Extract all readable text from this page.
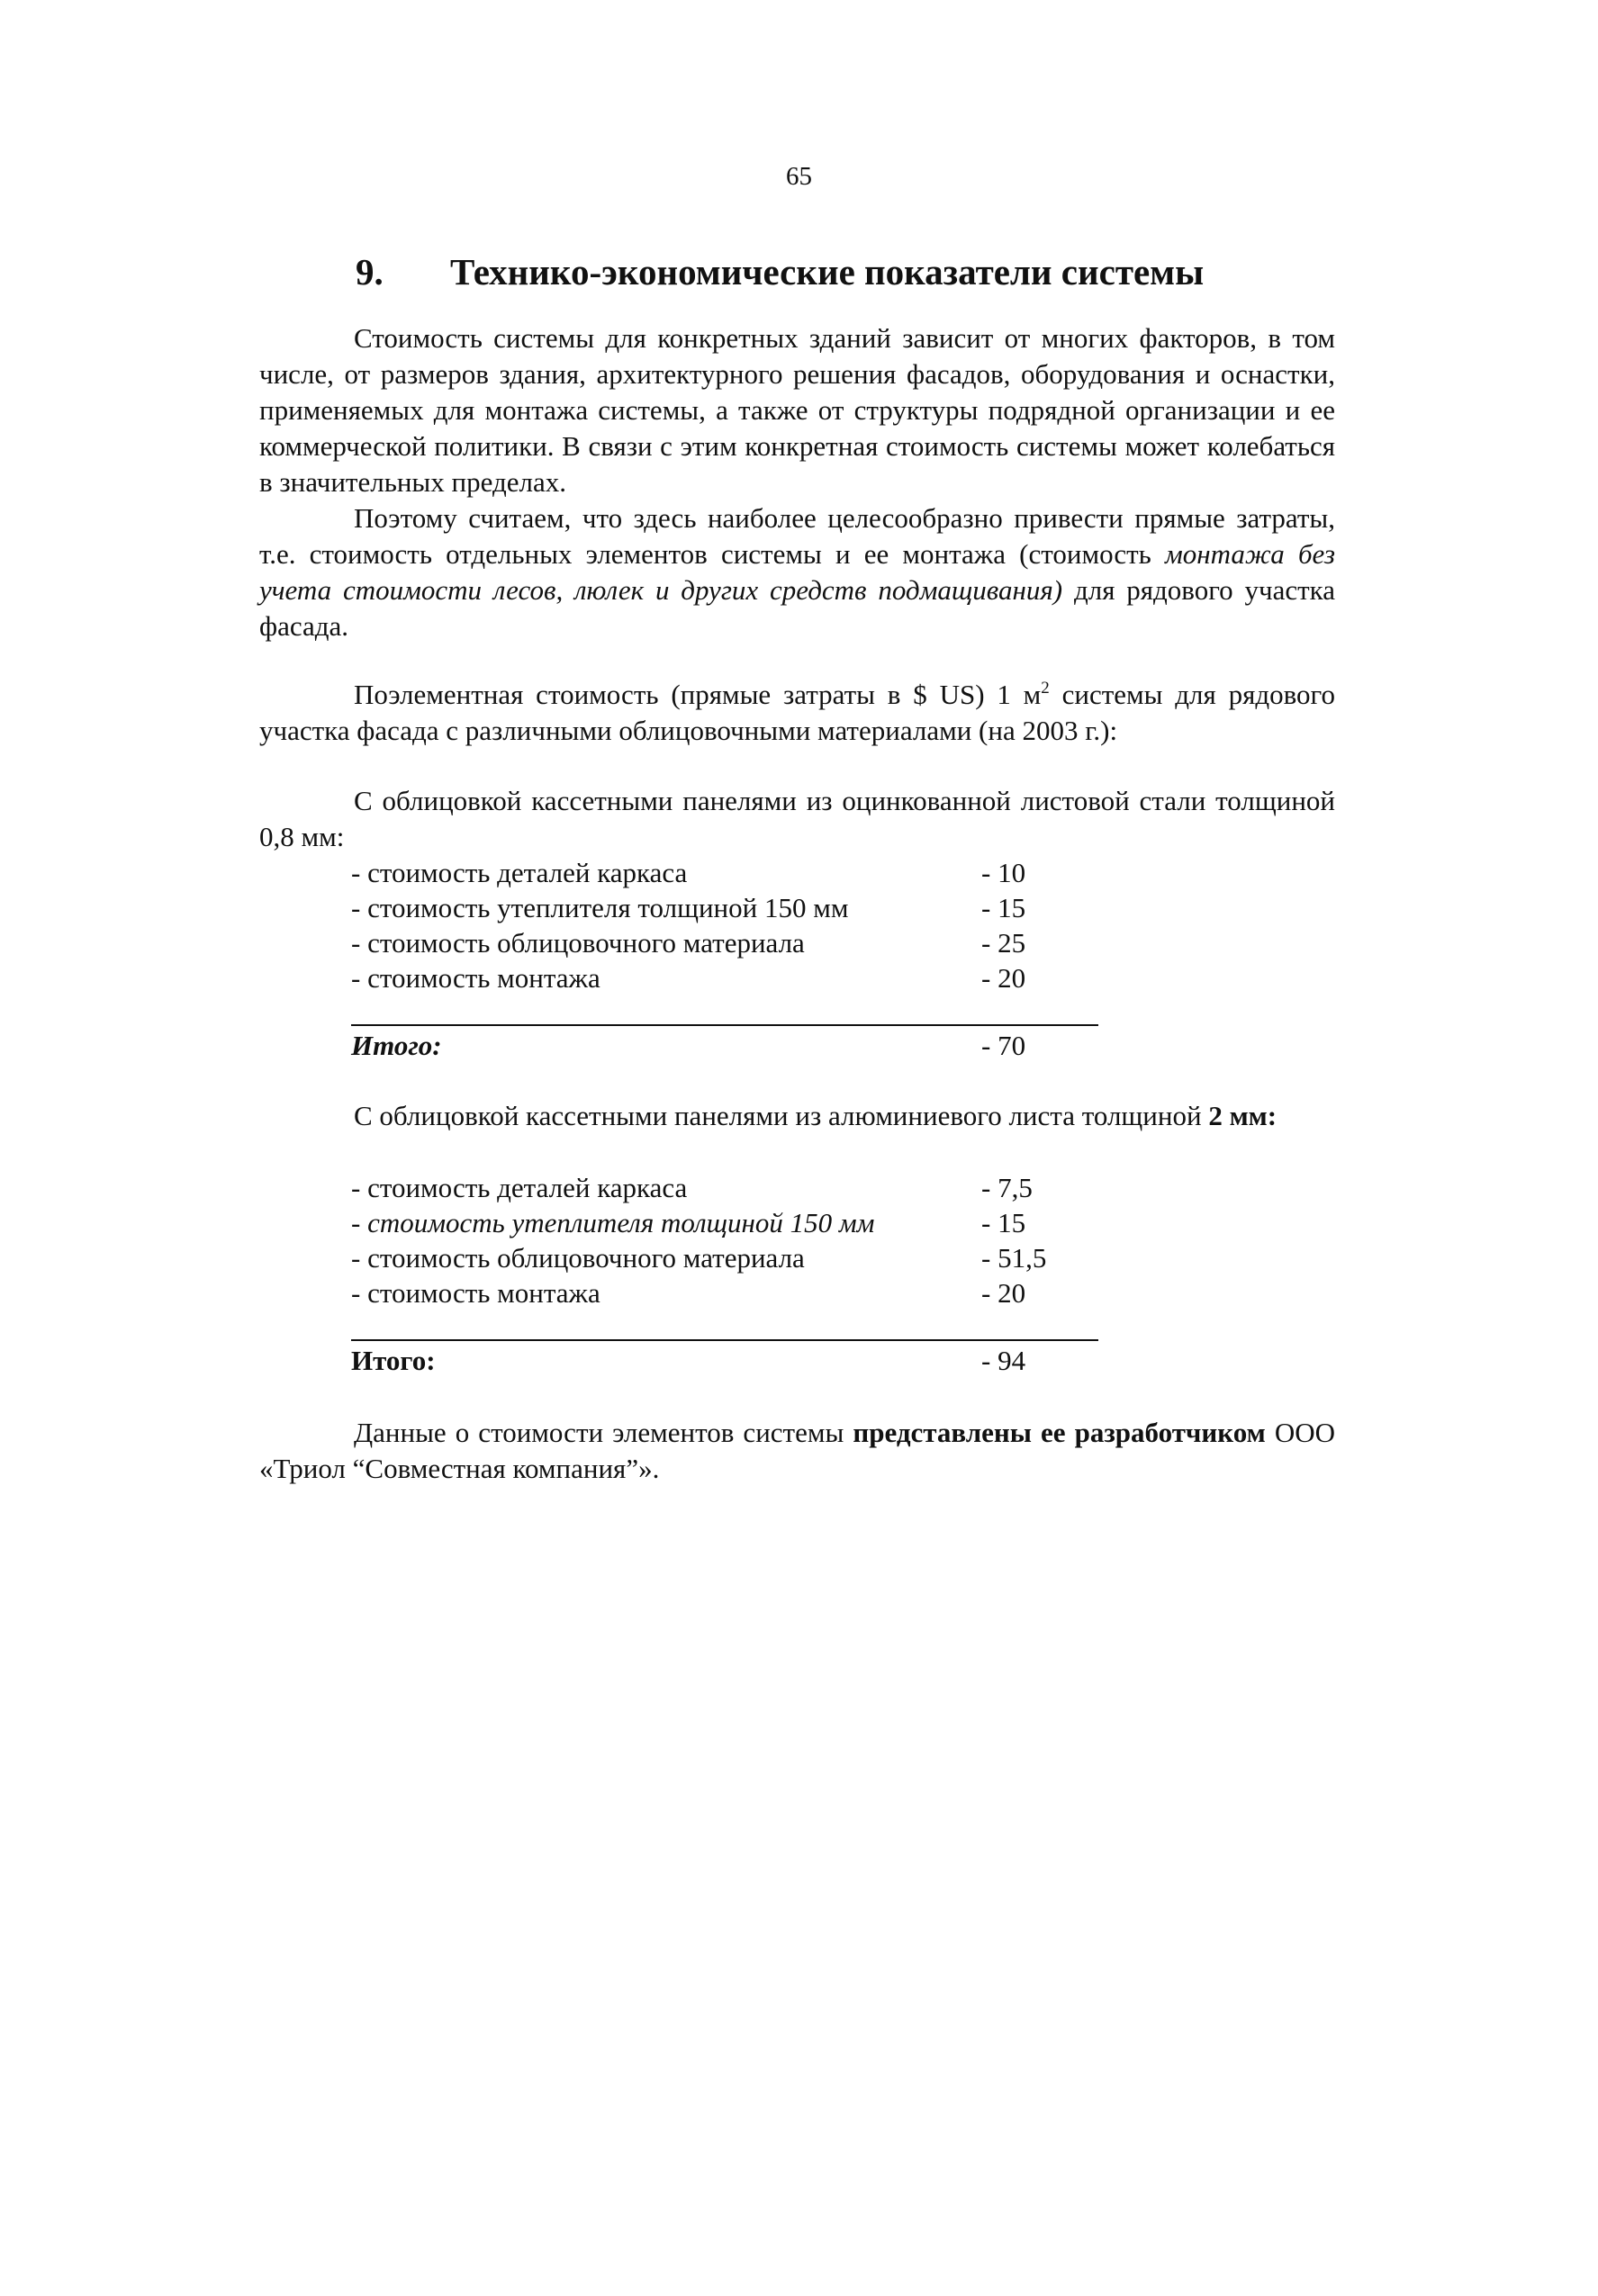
65
9. Технико-экономические показатели системы

Стоимость системы для конкретных зданий зависит от многих факторов, в том числе, от размеров здания, архитектурного решения фасадов, оборудования и оснастки, применяемых для монтажа системы, а также от структуры подрядной организации и ее коммерческой политики. В связи с этим конкретная стоимость системы может колебаться в значительных пределах.

Поэтому считаем, что здесь наиболее целесообразно привести прямые затраты, т.е. стоимость отдельных элементов системы и ее монтажа (стоимость монтажа без учета стоимости лесов, люлек и других средств подмащивания) для рядового участка фасада.

Поэлементная стоимость (прямые затраты в $ US) 1 $м^2$ системы для рядового участка фасада с различными облицовочными материалами (на 2003 г.):

С облицовкой кассетными панелями из оцинкованной листовой стали толщиной 0,8 мм:

- стоимость деталей каркаса	- 10
- стоимость утеплителя толщиной 150 мм	- 15
- стоимость облицовочного материала	- 25
- стоимость монтажа	- 20
Итого:	- 70

С облицовкой кассетными панелями из алюминиевого листа толщиной 2 мм:

- стоимость деталей каркаса	- 7,5
- стоимость утеплителя толщиной 150 мм	- 15
- стоимость облицовочного материала	- 51,5
- стоимость монтажа	- 20
Итого:	- 94

Данные о стоимости элементов системы представлены ее разработчиком ООО «Триол “Совместная компания”».
